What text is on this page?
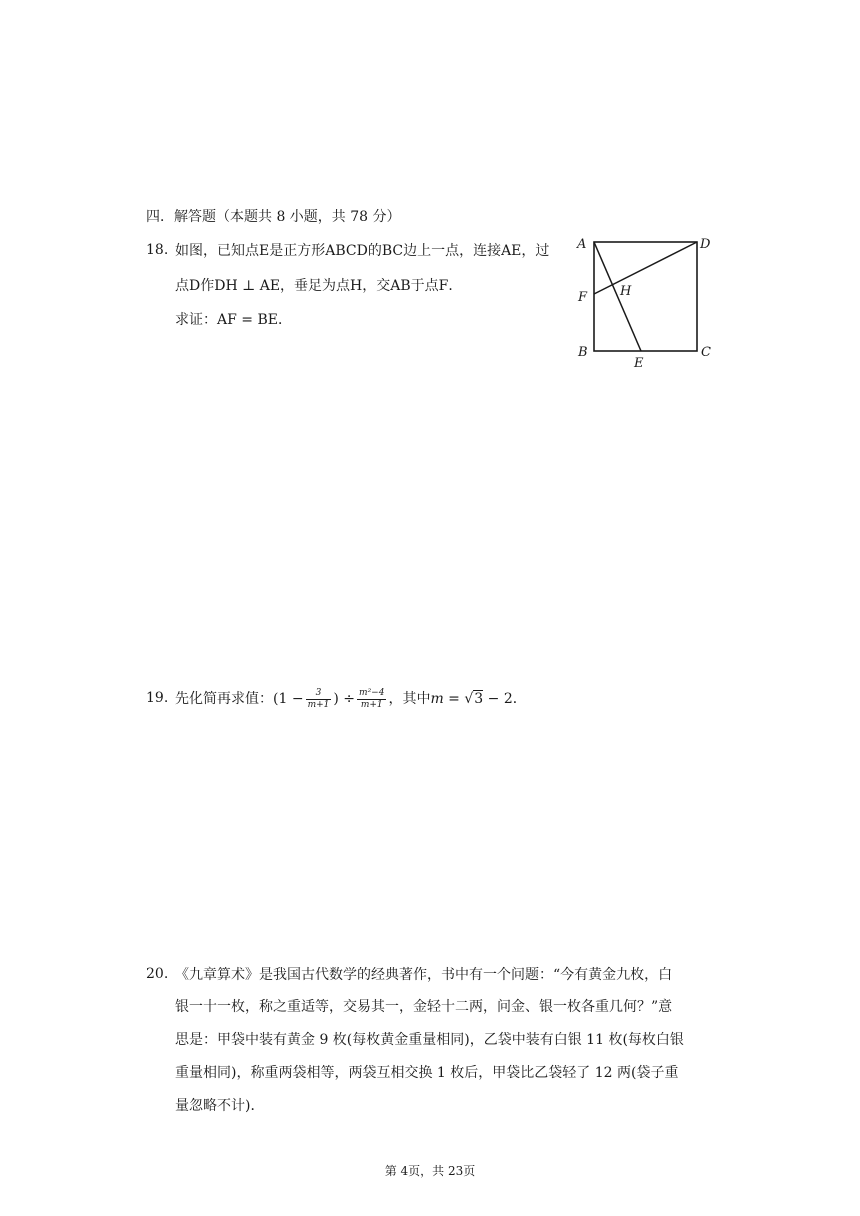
四．解答题（本题共 8 小题，共 78 分）
18. 如图，已知点E是正方形ABCD的BC边上一点，连接AE，过
点D作DH ⊥ AE，垂足为点H，交AB于点F．
求证：AF = BE．
A	D
F	H
B	C
E
19. 先化简再求值：($1 - \frac{3}{m+1}$ ) ÷ $\frac{\text{m²−4}}{m+1}$ ，其中m = √3 − 2．
20. 《九章算术》是我国古代数学的经典著作，书中有一个问题：“今有黄金九枚，白
银一十一枚，称之重适等，交易其一，金轻十二两，问金、银一枚各重几何？”意
思是：甲袋中装有黄金 9 枚(每枚黄金重量相同)，乙袋中装有白银 11 枚(每枚白银
重量相同)，称重两袋相等，两袋互相交换 1 枚后，甲袋比乙袋轻了 12 两(袋子重
量忽略不计)．
第 4页，共 23页
